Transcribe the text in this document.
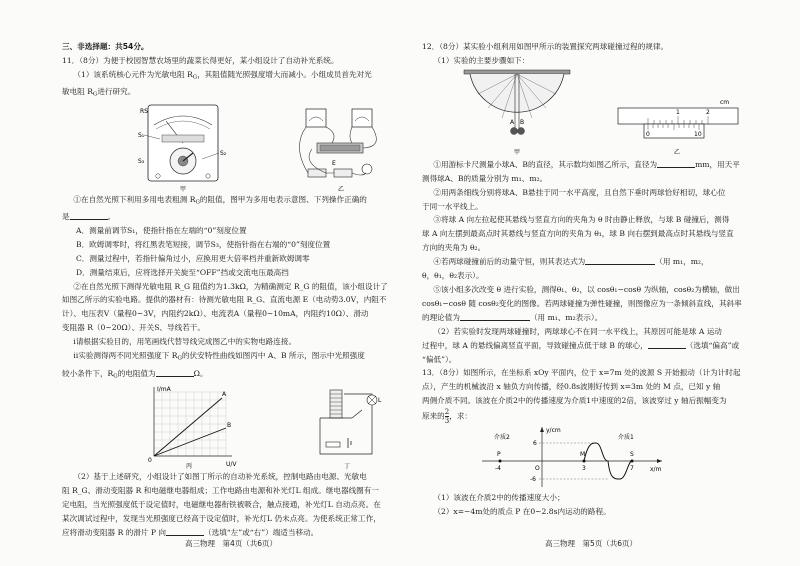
三、非选择题：共54分。

11．（8分）为便于校园智慧农场里的蔬菜长得更好，某小组设计了自动补光系统。

（1）该系统核心元件为光敏电阻 $R_G$，其阻值随光照强度增大而减小。小组成员首先对光

敏电阻 $R_G$进行研究。

RS
S₁
S₂
S₃	E
甲	乙

①在自然光照下利用多用电表粗测 $R_G$的阻值，图甲为多用电表示意图、下列操作正确的

是	。

A．测量前调节S₁，使指针指在左端的“0”刻度位置

B．欧姆调零时，将红黑表笔短接，调节S₃，使指针指在右端的“0”刻度位置

C．测量过程中，若指针偏角过小，应换用更大倍率档并重新欧姆调零

D．测量结束后，应将选择开关旋至“OFF”挡或交流电压最高挡

②在自然光照下测得光敏电阻 R_G 阻值约为1.3kΩ，为精确测定 R_G 的阻值，该小组设计了

如图乙所示的实验电路。提供的器材有：待测光敏电阻 R_G、直流电源 E（电动势3.0V，内阻不

计）、电压表V（量程0~3V，内阻约2kΩ）、电流表A（量程0~10mA，内阻约10Ω）、滑动

变阻器 R（0~20Ω）、开关S、导线若干。

ⅰ请根据实验目的，用笔画线代替导线完成图乙中的实物电路连接。

ⅱ实验测得两不同光照强度下 $R_G$的伏安特性曲线如图丙中 A、B 所示，图示中光照强度

较小条件下，$R_G$的电阻值为	Ω。

I/mA
U/V
A
B
0
L
丙	丁

（2）基于上述研究，小组设计了如图丁所示的自动补光系统，控制电路由电源、光敏电

阻 R_G、滑动变阻器 R 和电磁继电器组成；工作电路由电源和补光灯L 组成。继电器线圈有一

定电阻，当光照强度低于设定值时，电磁继电器衔铁被吸合，触点接通，补光灯L 自动点亮。在

某次调试过程中，发现当光照强度已经高于设定值时，补光灯L 仍未点亮。为使系统正常工作，

应将滑动变阻器 R 的滑片 P 向	（选填“左”或“右”）端适当移动。

12．（8分）某实验小组利用如图甲所示的装置探究两球碰撞过程的规律。

（1）实验的主要步骤如下：

A B
1	2
cm
0	10
甲	乙

①用游标卡尺测量小球A、B的直径，其示数均如图乙所示，直径为	mm，用天平

测得球A、B的质量分别为 m₁、m₂。

②用两条细线分别将球A、B悬挂于同一水平高度，且自然下垂时两球恰好相切，球心位

于同一水平线上。

③将球 A 向左拉起使其悬线与竖直方向的夹角为 θ 时由静止释放，与球 B 碰撞后，测得

球 A 向左摆到最高点时其悬线与竖直方向的夹角为 θ₁，球 B 向右摆到最高点时其悬线与竖直

方向的夹角为 θ₂。

④若两球碰撞前后的动量守恒，则其表达式为	（用 m₁，m₂，

θ，θ₁，θ₂表示）。

⑤该小组多次改变 θ 进行实验，测得θ₁、θ₂，以 cosθ₁−cosθ 为纵轴，cosθ₂为横轴，做出

cosθ₁−cosθ 随 cosθ₂变化的图像。若两球碰撞为弹性碰撞，则图像应为一条倾斜直线，其斜率

的理论值为	（用 m₁、m₂表示）。

（2）若实验时发现两球碰撞时，两球球心不在同一水平线上，其原因可能是球 A 运动

过程中，球 A 的悬线偏离竖直平面，导致碰撞点低于球 B 的球心，	（选填“偏高”或

“偏低”）。

13．（8分）如图所示，在坐标系 xOy 平面内，位于 x=7m 处的波源 S 开始振动（计为计时起

点），产生的机械波沿 x 轴负方向传播，经0.8s波刚好传到 x=3m 处的 M 点，已知 y 轴

两侧介质不同。该波在介质2中的传播速度为介质1中速度的2倍，该波穿过 y 轴后振幅变为

原来的 $\frac{2}{3}$ ，求：

y/cm
x/m
介质2	介质1
6
-6
P
-4	O
M
3
S
7

（1）该波在介质2中的传播速度大小；

（2）x=−4m处的质点 P 在0~2.8s内运动的路程。

高三物理　第4页（共6页）	高三物理　第5页（共6页）
